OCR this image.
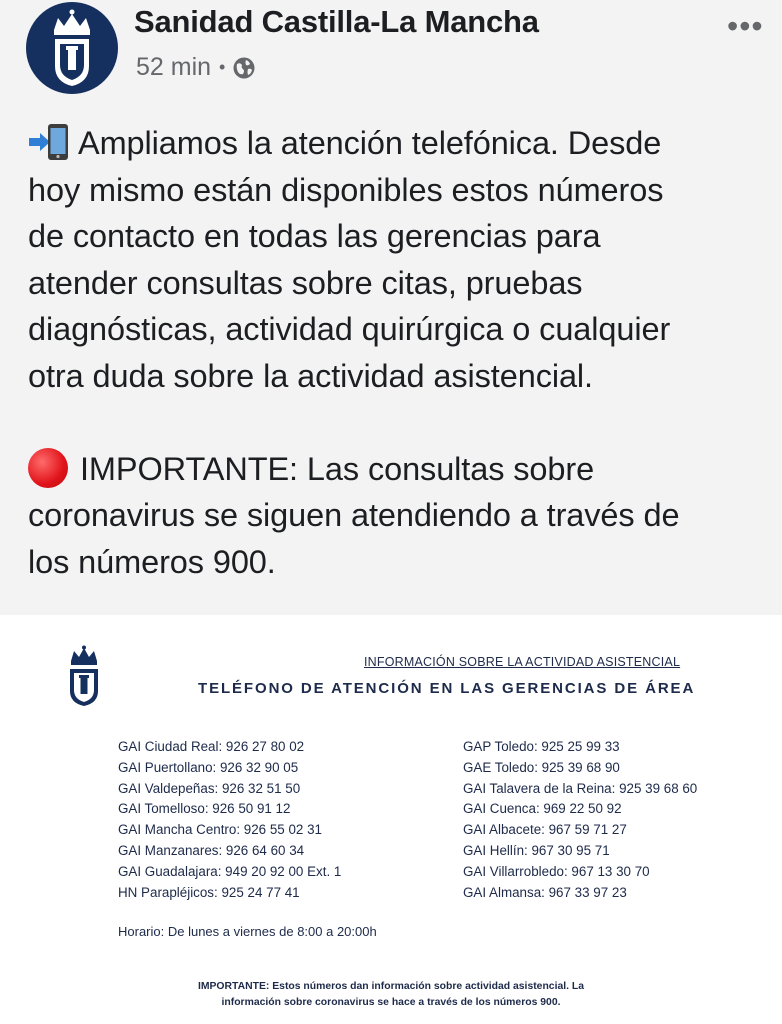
Sanidad Castilla-La Mancha
52 min •
•••
Ampliamos la atención telefónica. Desde
hoy mismo están disponibles estos números
de contacto en todas las gerencias para
atender consultas sobre citas, pruebas
diagnósticas, actividad quirúrgica o cualquier
otra duda sobre la actividad asistencial.
IMPORTANTE: Las consultas sobre
coronavirus se siguen atendiendo a través de
los números 900.
INFORMACIÓN SOBRE LA ACTIVIDAD ASISTENCIAL
TELÉFONO DE ATENCIÓN EN LAS GERENCIAS DE ÁREA
GAI Ciudad Real: 926 27 80 02
GAI Puertollano: 926 32 90 05
GAI Valdepeñas: 926 32 51 50
GAI Tomelloso: 926 50 91 12
GAI Mancha Centro: 926 55 02 31
GAI Manzanares: 926 64 60 34
GAI Guadalajara: 949 20 92 00 Ext. 1
HN Parapléjicos: 925 24 77 41
GAP Toledo: 925 25 99 33
GAE Toledo: 925 39 68 90
GAI Talavera de la Reina: 925 39 68 60
GAI Cuenca: 969 22 50 92
GAI Albacete: 967 59 71 27
GAI Hellín: 967 30 95 71
GAI Villarrobledo: 967 13 30 70
GAI Almansa: 967 33 97 23
Horario: De lunes a viernes de 8:00 a 20:00h
IMPORTANTE: Estos números dan información sobre actividad asistencial. La
información sobre coronavirus se hace a través de los números 900.
